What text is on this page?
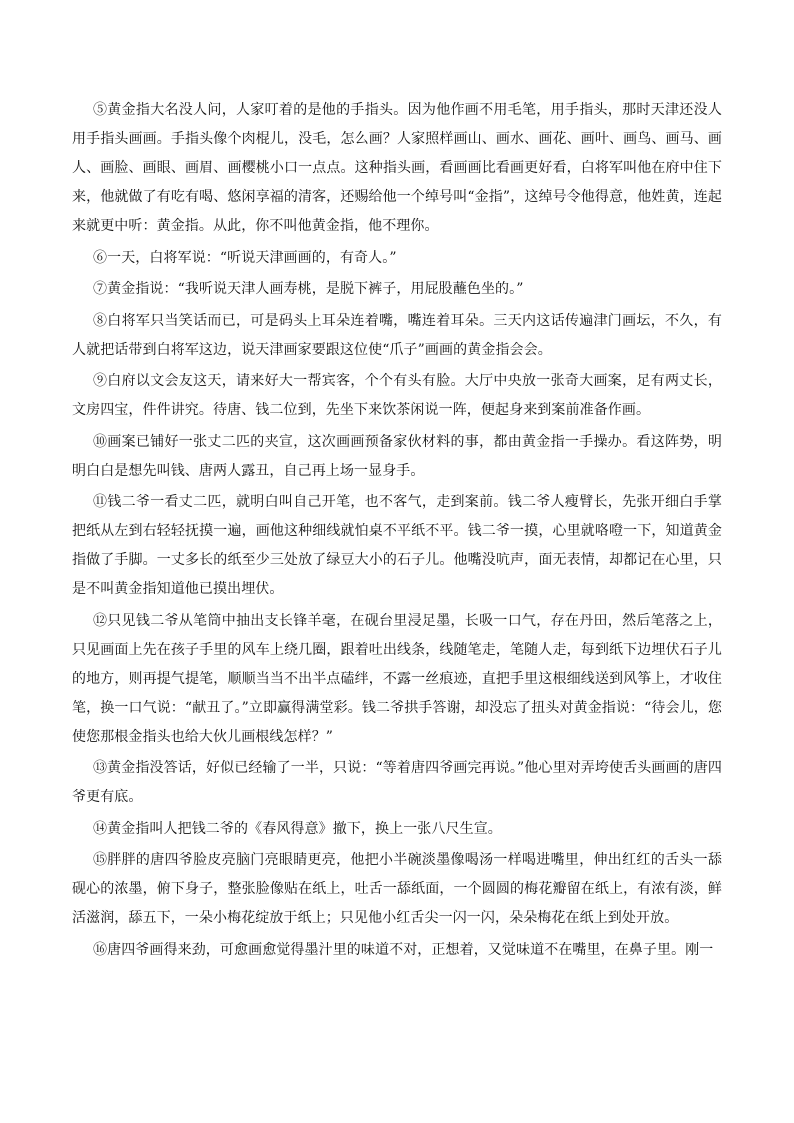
⑤黄金指大名没人问，人家叮着的是他的手指头。因为他作画不用毛笔，用手指头，那时天津还没人用手指头画画。手指头像个肉棍儿，没毛，怎么画？人家照样画山、画水、画花、画叶、画鸟、画马、画人、画脸、画眼、画眉、画樱桃小口一点点。这种指头画，看画画比看画更好看，白将军叫他在府中住下来，他就做了有吃有喝、悠闲享福的清客，还赐给他一个绰号叫“金指”，这绰号令他得意，他姓黄，连起来就更中听：黄金指。从此，你不叫他黄金指，他不理你。

⑥一天，白将军说：“听说天津画画的，有奇人。”

⑦黄金指说：“我听说天津人画寿桃，是脱下裤子，用屁股蘸色坐的。”

⑧白将军只当笑话而已，可是码头上耳朵连着嘴，嘴连着耳朵。三天内这话传遍津门画坛，不久，有人就把话带到白将军这边，说天津画家要跟这位使“爪子”画画的黄金指会会。

⑨白府以文会友这天，请来好大一帮宾客，个个有头有脸。大厅中央放一张奇大画案，足有两丈长，文房四宝，件件讲究。待唐、钱二位到，先坐下来饮茶闲说一阵，便起身来到案前准备作画。

⑩画案已铺好一张丈二匹的夹宣，这次画画预备家伙材料的事，都由黄金指一手操办。看这阵势，明明白白是想先叫钱、唐两人露丑，自己再上场一显身手。

⑪钱二爷一看丈二匹，就明白叫自己开笔，也不客气，走到案前。钱二爷人瘦臂长，先张开细白手掌把纸从左到右轻轻抚摸一遍，画他这种细线就怕桌不平纸不平。钱二爷一摸，心里就咯噔一下，知道黄金指做了手脚。一丈多长的纸至少三处放了绿豆大小的石子儿。他嘴没吭声，面无表情，却都记在心里，只是不叫黄金指知道他已摸出埋伏。

⑫只见钱二爷从笔筒中抽出支长锋羊毫，在砚台里浸足墨，长吸一口气，存在丹田，然后笔落之上，只见画面上先在孩子手里的风车上绕几圈，跟着吐出线条，线随笔走，笔随人走，每到纸下边埋伏石子儿的地方，则再提气提笔，顺顺当当不出半点磕绊，不露一丝痕迹，直把手里这根细线送到风筝上，才收住笔，换一口气说：“献丑了。”立即赢得满堂彩。钱二爷拱手答谢，却没忘了扭头对黄金指说：“待会儿，您使您那根金指头也给大伙儿画根线怎样？”

⑬黄金指没答话，好似已经输了一半，只说：“等着唐四爷画完再说。”他心里对弄垮使舌头画画的唐四爷更有底。

⑭黄金指叫人把钱二爷的《春风得意》撤下，换上一张八尺生宣。

⑮胖胖的唐四爷脸皮亮脑门亮眼睛更亮，他把小半碗淡墨像喝汤一样喝进嘴里，伸出红红的舌头一舔砚心的浓墨，俯下身子，整张脸像贴在纸上，吐舌一舔纸面，一个圆圆的梅花瓣留在纸上，有浓有淡，鲜活滋润，舔五下，一朵小梅花绽放于纸上；只见他小红舌尖一闪一闪，朵朵梅花在纸上到处开放。

⑯唐四爷画得来劲，可愈画愈觉得墨汁里的味道不对，正想着，又觉味道不在嘴里，在鼻子里。刚一
